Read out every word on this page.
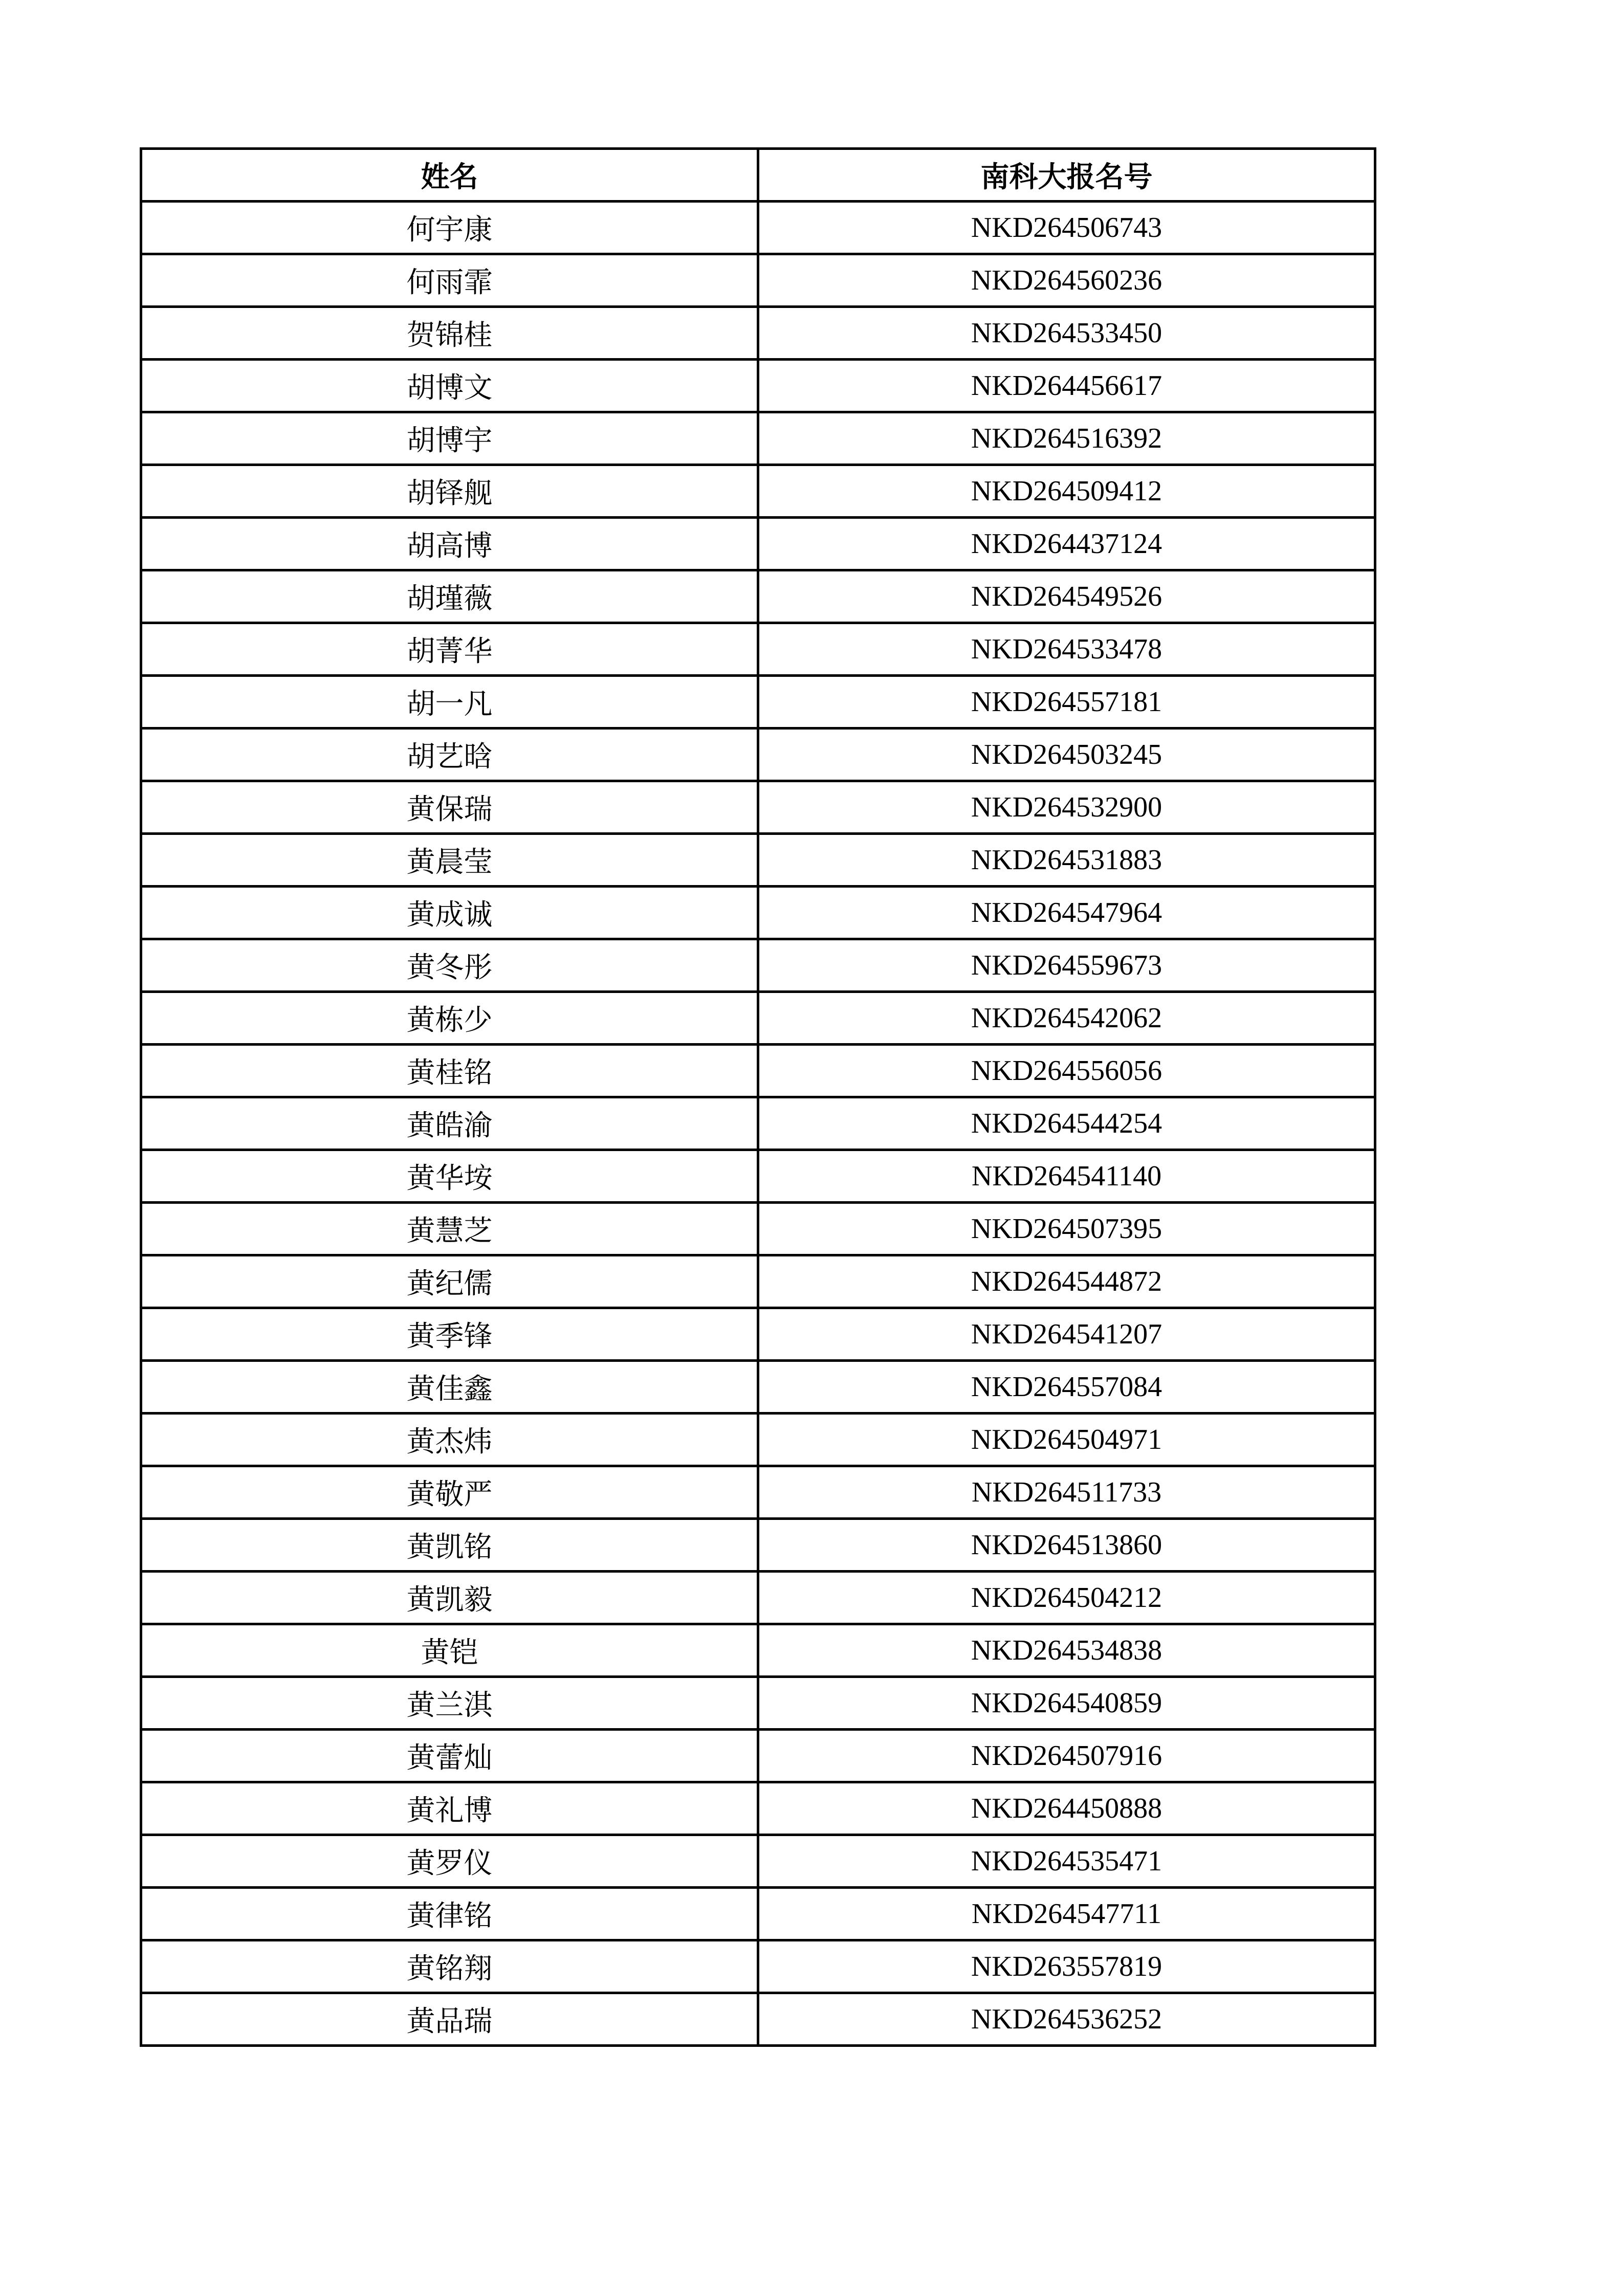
姓名	南科大报名号
何宇康	NKD264506743
何雨霏	NKD264560236
贺锦桂	NKD264533450
胡博文	NKD264456617
胡博宇	NKD264516392
胡铎舰	NKD264509412
胡高博	NKD264437124
胡瑾薇	NKD264549526
胡菁华	NKD264533478
胡一凡	NKD264557181
胡艺晗	NKD264503245
黄保瑞	NKD264532900
黄晨莹	NKD264531883
黄成诚	NKD264547964
黄冬彤	NKD264559673
黄栋少	NKD264542062
黄桂铭	NKD264556056
黄皓渝	NKD264544254
黄华垵	NKD264541140
黄慧芝	NKD264507395
黄纪儒	NKD264544872
黄季锋	NKD264541207
黄佳鑫	NKD264557084
黄杰炜	NKD264504971
黄敬严	NKD264511733
黄凯铭	NKD264513860
黄凯毅	NKD264504212
黄铠	NKD264534838
黄兰淇	NKD264540859
黄蕾灿	NKD264507916
黄礼博	NKD264450888
黄罗仪	NKD264535471
黄律铭	NKD264547711
黄铭翔	NKD263557819
黄品瑞	NKD264536252
